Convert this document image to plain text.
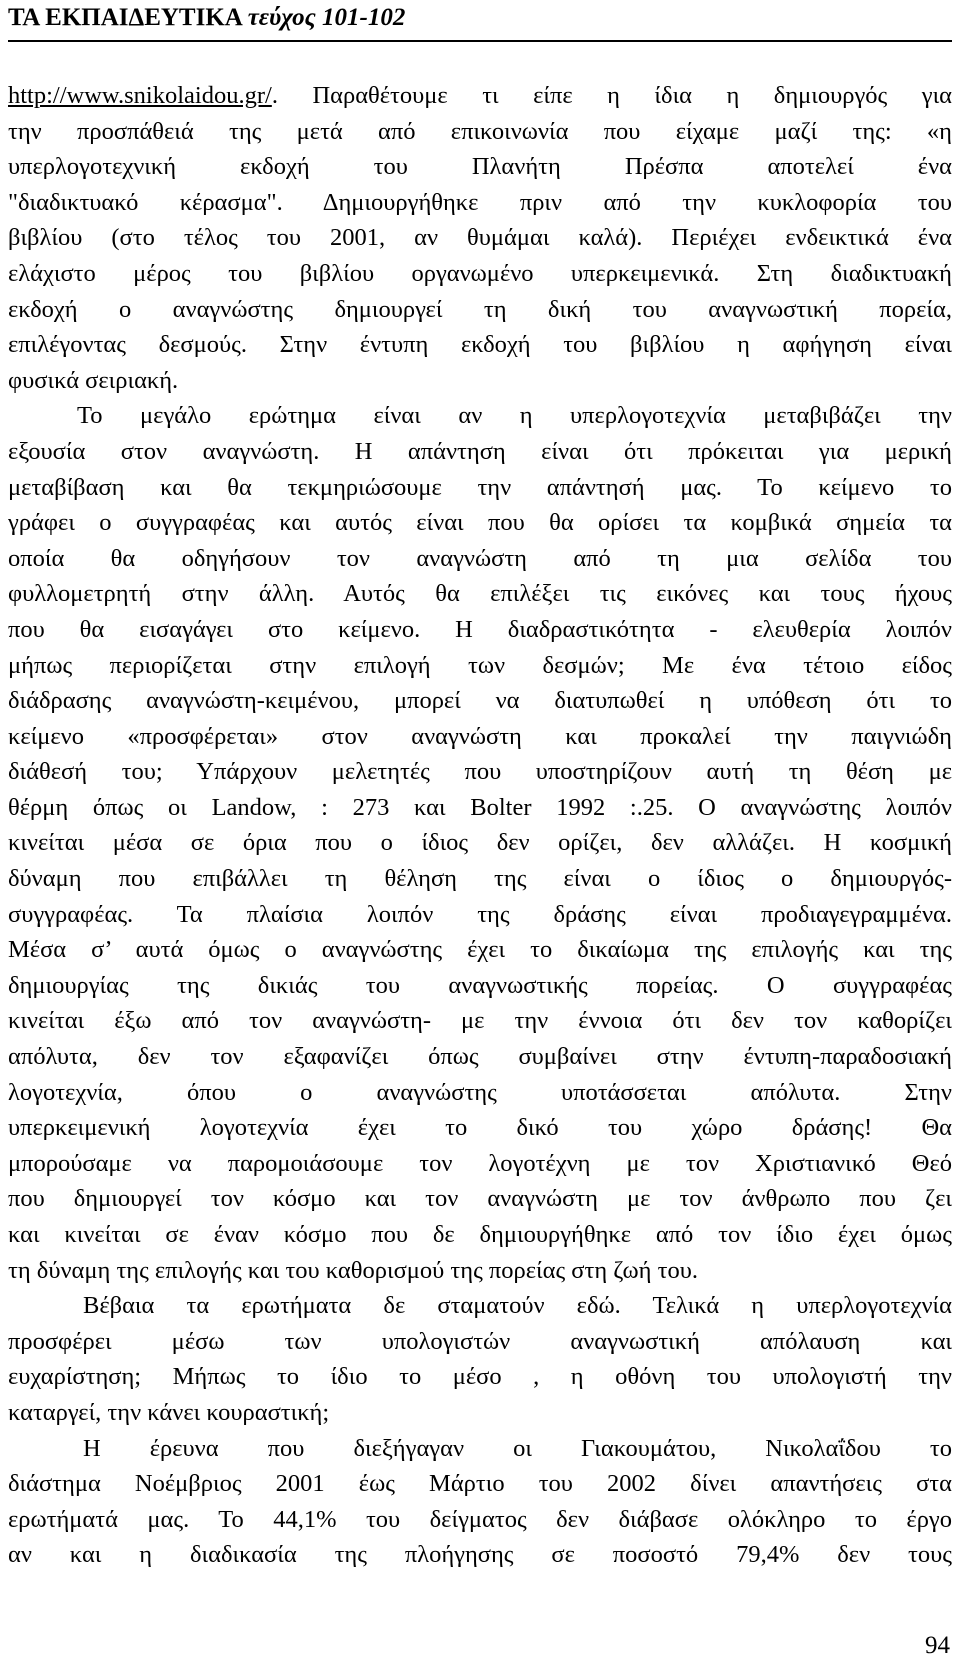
ΤΑ ΕΚΠΑΙΔΕΥΤΙΚΑ τεύχος 101-102
http://www.snikolaidou.gr/. Παραθέτουμε τι είπε η ίδια η δημιουργός για
την προσπάθειά της μετά από επικοινωνία που είχαμε μαζί της: «η
υπερλογοτεχνική εκδοχή του Πλανήτη Πρέσπα αποτελεί ένα
"διαδικτυακό κέρασμα". Δημιουργήθηκε πριν από την κυκλοφορία του
βιβλίου (στο τέλος του 2001, αν θυμάμαι καλά). Περιέχει ενδεικτικά ένα
ελάχιστο μέρος του βιβλίου οργανωμένο υπερκειμενικά. Στη διαδικτυακή
εκδοχή ο αναγνώστης δημιουργεί τη δική του αναγνωστική πορεία,
επιλέγοντας δεσμούς. Στην έντυπη εκδοχή του βιβλίου η αφήγηση είναι
φυσικά σειριακή.
Το μεγάλο ερώτημα είναι αν η υπερλογοτεχνία μεταβιβάζει την
εξουσία στον αναγνώστη. Η απάντηση είναι ότι πρόκειται για μερική
μεταβίβαση και θα τεκμηριώσουμε την απάντησή μας. Το κείμενο το
γράφει ο συγγραφέας και αυτός είναι που θα ορίσει τα κομβικά σημεία τα
οποία θα οδηγήσουν τον αναγνώστη από τη μια σελίδα του
φυλλομετρητή στην άλλη. Αυτός θα επιλέξει τις εικόνες και τους ήχους
που θα εισαγάγει στο κείμενο. Η διαδραστικότητα - ελευθερία λοιπόν
μήπως περιορίζεται στην επιλογή των δεσμών; Με ένα τέτοιο είδος
διάδρασης αναγνώστη-κειμένου, μπορεί να διατυπωθεί η υπόθεση ότι το
κείμενο «προσφέρεται» στον αναγνώστη και προκαλεί την παιγνιώδη
διάθεσή του; Υπάρχουν μελετητές που υποστηρίζουν αυτή τη θέση με
θέρμη όπως οι Landow, : 273 και Bolter 1992 :.25. Ο αναγνώστης λοιπόν
κινείται μέσα σε όρια που ο ίδιος δεν ορίζει, δεν αλλάζει. Η κοσμική
δύναμη που επιβάλλει τη θέληση της είναι ο ίδιος ο δημιουργός-
συγγραφέας. Τα πλαίσια λοιπόν της δράσης είναι προδιαγεγραμμένα.
Μέσα σ’ αυτά όμως ο αναγνώστης έχει το δικαίωμα της επιλογής και της
δημιουργίας της δικιάς του αναγνωστικής πορείας. Ο συγγραφέας
κινείται έξω από τον αναγνώστη- με την έννοια ότι δεν τον καθορίζει
απόλυτα, δεν τον εξαφανίζει όπως συμβαίνει στην έντυπη-παραδοσιακή
λογοτεχνία, όπου ο αναγνώστης υποτάσσεται απόλυτα. Στην
υπερκειμενική λογοτεχνία έχει το δικό του χώρο δράσης! Θα
μπορούσαμε να παρομοιάσουμε τον λογοτέχνη με τον Χριστιανικό Θεό
που δημιουργεί τον κόσμο και τον αναγνώστη με τον άνθρωπο που ζει
και κινείται σε έναν κόσμο που δε δημιουργήθηκε από τον ίδιο έχει όμως
τη δύναμη της επιλογής και του καθορισμού της πορείας στη ζωή του.
Βέβαια τα ερωτήματα δε σταματούν εδώ. Τελικά η υπερλογοτεχνία
προσφέρει μέσω των υπολογιστών αναγνωστική απόλαυση και
ευχαρίστηση; Μήπως το ίδιο το μέσο , η οθόνη του υπολογιστή την
καταργεί, την κάνει κουραστική;
Η έρευνα που διεξήγαγαν οι Γιακουμάτου, Νικολαΐδου το
διάστημα Νοέμβριος 2001 έως Μάρτιο του 2002 δίνει απαντήσεις στα
ερωτήματά μας. Το 44,1% του δείγματος δεν διάβασε ολόκληρο το έργο
αν και η διαδικασία της πλοήγησης σε ποσοστό 79,4% δεν τους
94
